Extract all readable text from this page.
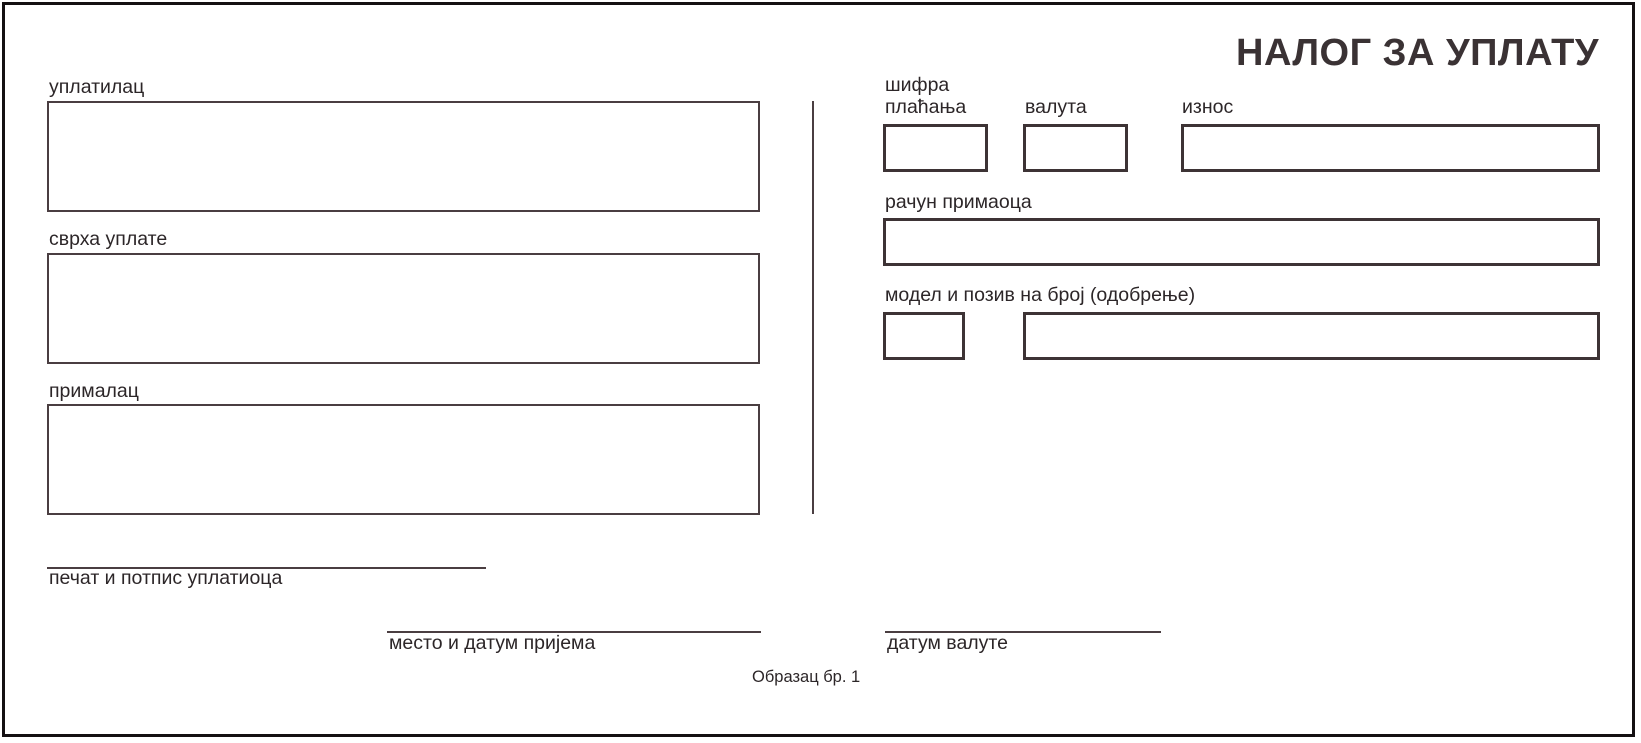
НАЛОГ ЗА УПЛАТУ
уплатилац
сврха уплате
прималац
печат и потпис уплатиоца
шифра
плаћања	валута	износ
рачун примаоца
модел и позив на број (одобрење)
место и датум пријема	датум валуте
Образац бр. 1
